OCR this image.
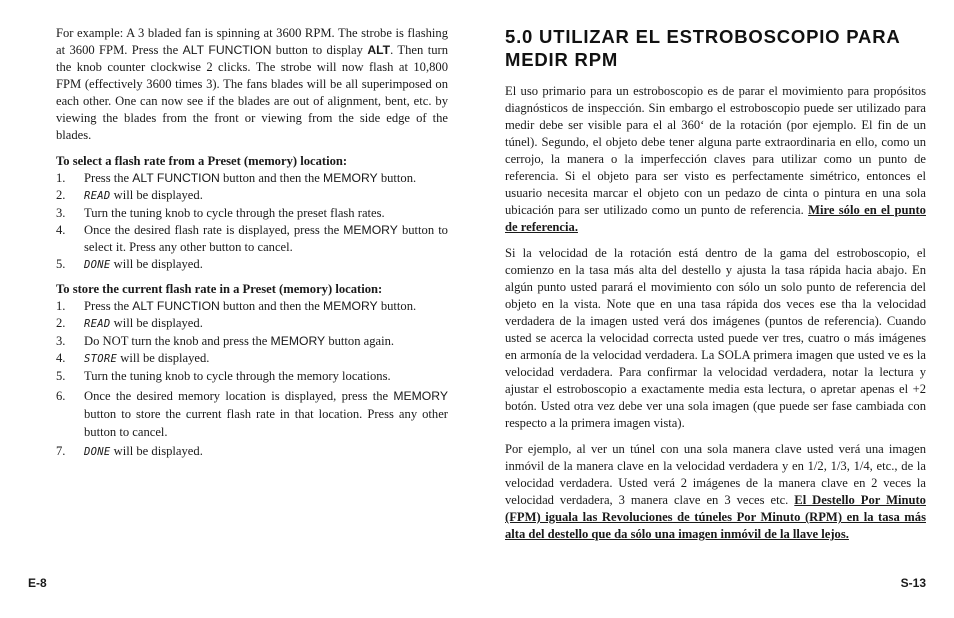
For example: A 3 bladed fan is spinning at 3600 RPM. The strobe is flashing at 3600 FPM. Press the ALT FUNCTION button to display ALT. Then turn the knob counter clockwise 2 clicks. The strobe will now flash at 10,800 FPM (effectively 3600 times 3). The fans blades will be all superimposed on each other. One can now see if the blades are out of alignment, bent, etc. by viewing the blades from the front or viewing from the side edge of the blades.

To select a flash rate from a Preset (memory) location:
1. Press the ALT FUNCTION button and then the MEMORY button.
2. READ will be displayed.
3. Turn the tuning knob to cycle through the preset flash rates.
4. Once the desired flash rate is displayed, press the MEMORY button to select it. Press any other button to cancel.
5. DONE will be displayed.
To store the current flash rate in a Preset (memory) location:
1. Press the ALT FUNCTION button and then the MEMORY button.
2. READ will be displayed.
3. Do NOT turn the knob and press the MEMORY button again.
4. STORE will be displayed.
5. Turn the tuning knob to cycle through the memory locations.
6. Once the desired memory location is displayed, press the MEMORY button to store the current flash rate in that location. Press any other button to cancel.
7. DONE will be displayed.
5.0 UTILIZAR EL ESTROBOSCOPIO PARA MEDIR RPM

El uso primario para un estroboscopio es de parar el movimiento para propósitos diagnósticos de inspección. Sin embargo el estroboscopio puede ser utilizado para medir debe ser visible para el al 360‘ de la rotación (por ejemplo. El fin de un túnel). Segundo, el objeto debe tener alguna parte extraordinaria en ello, como un cerrojo, la manera o la imperfección claves para utilizar como un punto de referencia. Si el objeto para ser visto es perfectamente simétrico, entonces el usuario necesita marcar el objeto con un pedazo de cinta o pintura en una sola ubicación para ser utilizado como un punto de referencia. Mire sólo en el punto de referencia.

Si la velocidad de la rotación está dentro de la gama del estroboscopio, el comienzo en la tasa más alta del destello y ajusta la tasa rápida hacia abajo. En algún punto usted parará el movimiento con sólo un solo punto de referencia del objeto en la vista. Note que en una tasa rápida dos veces ese tha la velocidad verdadera de la imagen usted verá dos imágenes (puntos de referencia). Cuando usted se acerca la velocidad correcta usted puede ver tres, cuatro o más imágenes en armonía de la velocidad verdadera. La SOLA primera imagen que usted ve es la velocidad verdadera. Para confirmar la velocidad verdadera, notar la lectura y ajustar el estroboscopio a exactamente media esta lectura, o apretar apenas el +2 botón. Usted otra vez debe ver una sola imagen (que puede ser fase cambiada con respecto a la primera imagen vista).

Por ejemplo, al ver un túnel con una sola manera clave usted verá una imagen inmóvil de la manera clave en la velocidad verdadera y en 1/2, 1/3, 1/4, etc., de la velocidad verdadera. Usted verá 2 imágenes de la manera clave en 2 veces la velocidad verdadera, 3 manera clave en 3 veces etc. El Destello Por Minuto (FPM) iguala las Revoluciones de túneles Por Minuto (RPM) en la tasa más alta del destello que da sólo una imagen inmóvil de la llave lejos.

E-8	S-13
